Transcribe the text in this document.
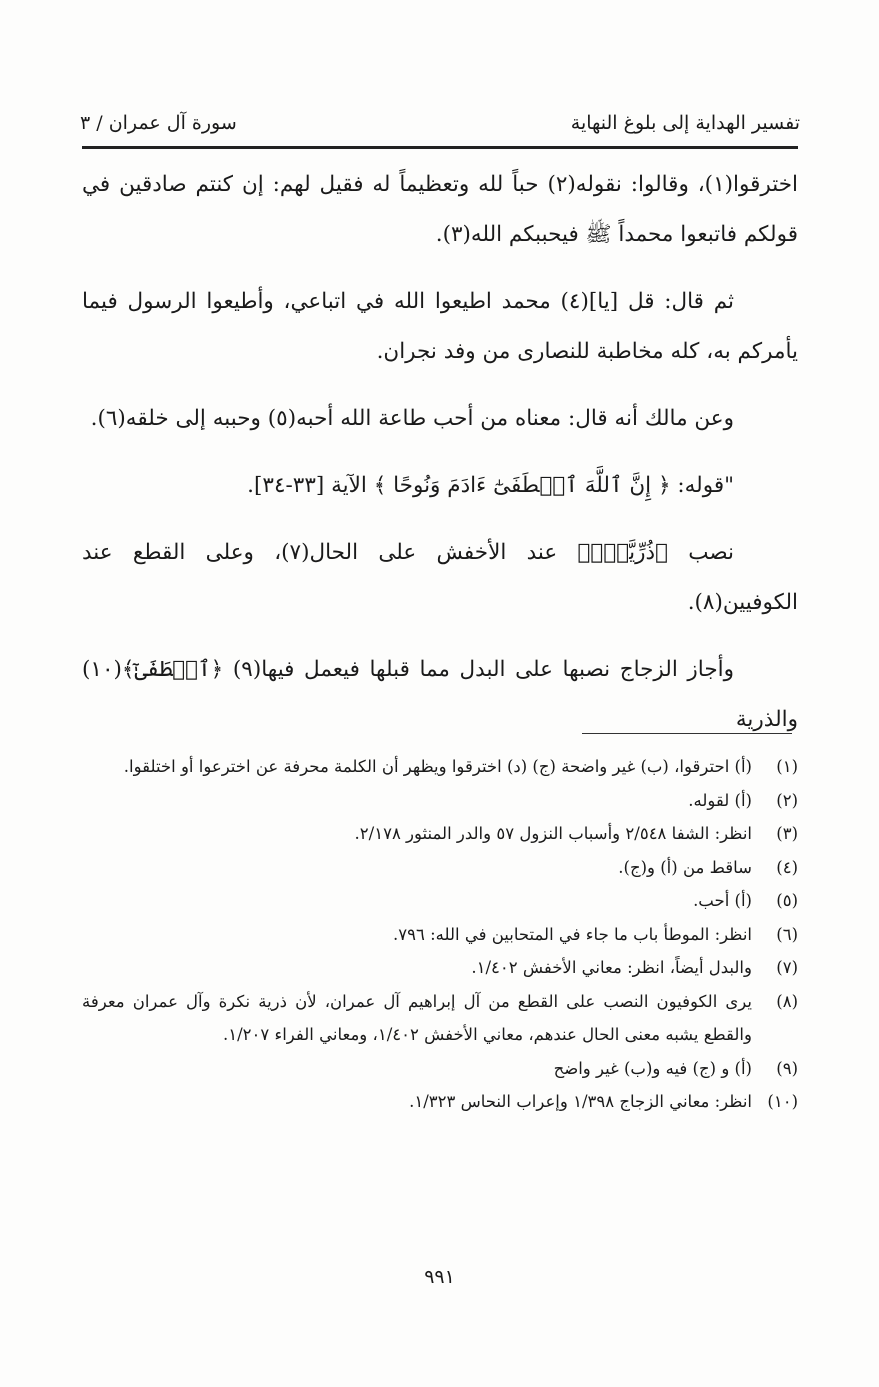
تفسير الهداية إلى بلوغ النهاية
سورة آل عمران / ٣

اخترقوا(١)، وقالوا: نقوله(٢) حباً لله وتعظيماً له فقيل لهم: إن كنتم صادقين في قولكم فاتبعوا محمداً ﷺ فيحببكم الله(٣).

ثم قال: قل [يا](٤) محمد اطيعوا الله في اتباعي، وأطيعوا الرسول فيما يأمركم به، كله مخاطبة للنصارى من وفد نجران.

وعن مالك أنه قال: معناه من أحب طاعة الله أحبه(٥) وحببه إلى خلقه(٦).

"قوله: ﴿ إِنَّ ٱللَّهَ ٱصۡطَفَىٰٓ ءَادَمَ وَنُوحًا ﴾ الآية [٣٣-٣٤].

نصب ﴿ذُرِّيَّةَۢ﴾ عند الأخفش على الحال(٧)، وعلى القطع عند الكوفيين(٨).

وأجاز الزجاج نصبها على البدل مما قبلها فيعمل فيها(٩) ﴿ٱصۡطَفَىٰٓ﴾(١٠) والذرية

(١)
(أ) احترقوا، (ب) غير واضحة (ج) (د) اخترقوا ويظهر أن الكلمة محرفة عن اخترعوا أو اختلقوا.
(٢)
(أ) لقوله.
(٣)
انظر: الشفا ٢/٥٤٨ وأسباب النزول ٥٧ والدر المنثور ٢/١٧٨.
(٤)
ساقط من (أ) و(ج).
(٥)
(أ) أحب.
(٦)
انظر: الموطأ باب ما جاء في المتحابين في الله: ٧٩٦.
(٧)
والبدل أيضاً، انظر: معاني الأخفش ١/٤٠٢.
(٨)
يرى الكوفيون النصب على القطع من آل إبراهيم آل عمران، لأن ذرية نكرة وآل عمران معرفة والقطع يشبه معنى الحال عندهم، معاني الأخفش ١/٤٠٢، ومعاني الفراء ١/٢٠٧.
(٩)
(أ) و (ج) فيه و(ب) غير واضح
(١٠)
انظر: معاني الزجاج ١/٣٩٨ وإعراب النحاس ١/٣٢٣.
٩٩١
